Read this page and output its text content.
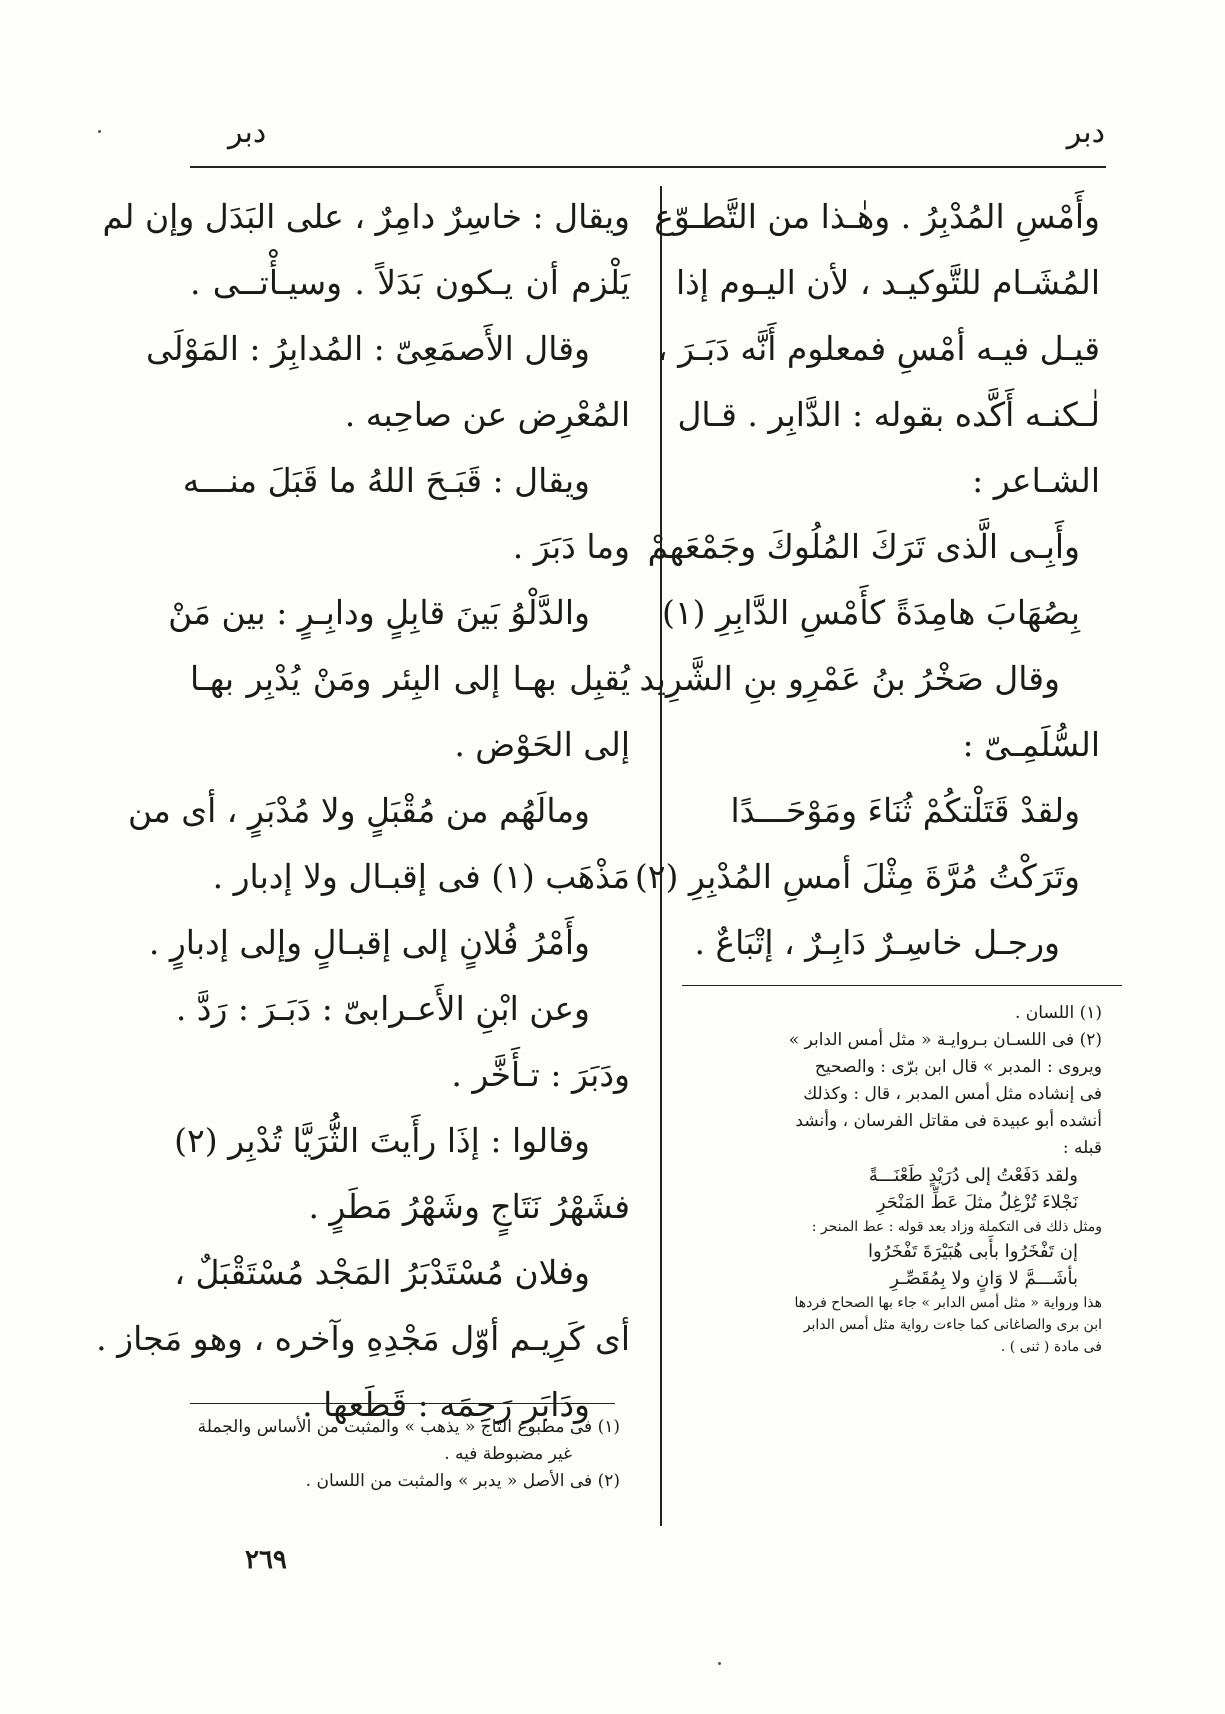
دبر
دبر
وأَمْسِ المُدْبِرُ . وهٰـذا من التَّطـوّع
المُشَـام للتَّوكيـد ، لأن اليـوم إذا
قيـل فيـه أمْسِ فمعلوم أَنَّه دَبَـرَ ،
لٰـكنـه أَكَّده بقوله : الدَّابِر . قـال
الشـاعر :
وأَبِـى الَّذى تَرَكَ المُلُوكَ وجَمْعَهمْ
بِصُهَابَ هامِدَةً كأَمْسِ الدَّابِرِ (١)
وقال صَخْرُ بنُ عَمْرِو بنِ الشَّرِيد
السُّلَمِـىّ :
ولقدْ قَتَلْتكُمْ ثُنَاءَ ومَوْحَـــدًا
وتَرَكْتُ مُرَّةَ مِثْلَ أمسِ المُدْبِرِ (٢)
ورجـل خاسِـرٌ دَابِـرٌ ، إتْبَاعٌ .
(١) اللسان .
(٢) فى اللسـان بـروايـة « مثل أمس الدابر »
ويروى : المدبر » قال ابن برّى : والصحيح
فى إنشاده مثل أمس المدبر ، قال : وكذلك
أنشده أبو عبيدة فى مقاتل الفرسان ، وأنشد
قبله :
ولقد دَفَعْتُ إلى دُرَيْدٍ طَعْنَـــةً
نَجْلاءَ تُزْغِلُ مثلَ عَطِّ المَنْحَرِ
ومثل ذلك فى التكملة وزاد بعد قوله : عط المنحر :
إن تَفْخَرُوا بأَبى هُبَيْرَةَ تَفْخَرُوا
بأشَـــمَّ لا وَانٍ ولا بِمُقَصِّـرِ
هذا ورواية « مثل أمس الدابر » جاء بها الصحاح فردها
ابن برى والصاغانى كما جاءت رواية مثل أمس الدابر
فى مادة ( ثنى ) .
ويقال : خاسِرٌ دامِرٌ ، على البَدَل وإن لم
يَلْزم أن يـكون بَدَلاً . وسيـأْتــى .
وقال الأَصمَعِىّ : المُدابِرُ : المَوْلَى
المُعْرِض عن صاحِبه .
ويقال : قَبَـحَ اللهُ ما قَبَلَ منـــه
وما دَبَرَ .
والدَّلْوُ بَينَ قابِلٍ ودابِـرٍ : بين مَنْ
يُقبِل بهـا إلى البِئر ومَنْ يُدْبِر بهـا
إلى الحَوْض .
ومالَهُم من مُقْبَلٍ ولا مُدْبَرٍ ، أى من
مَذْهَب (١) فى إقبـال ولا إدبار .
وأَمْرُ فُلانٍ إلى إقبـالٍ وإلى إدبارٍ .
وعن ابْنِ الأَعـرابىّ : دَبَـرَ : رَدَّ .
ودَبَرَ : تـأَخَّر .
وقالوا : إذَا رأَيتَ الثُّرَيَّا تُدْبِر (٢)
فشَهْرُ نَتَاجٍ وشَهْرُ مَطَرٍ .
وفلان مُسْتَدْبَرُ المَجْد مُسْتَقْبَلٌ ،
أى كَرِيـم أوّل مَجْدِهِ وآخره ، وهو مَجاز .
ودَابَر رَحِمَه : قَطَعها .
(١) فى مطبوع التاج « يذهب » والمثبت من الأساس والجملة
غير مضبوطة فيه .
(٢) فى الأصل « يدبر » والمثبت من اللسان .
٢٦٩
